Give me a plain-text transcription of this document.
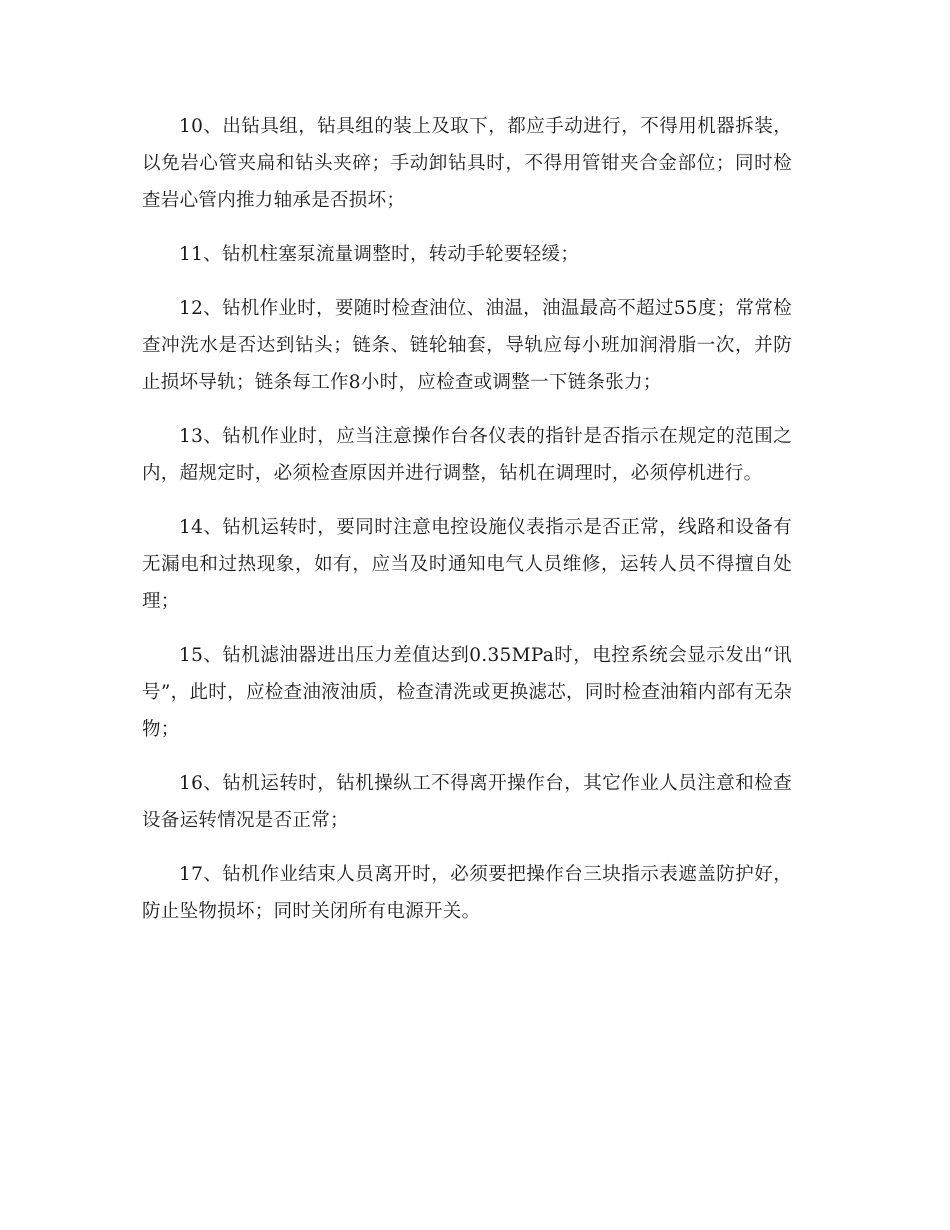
10、出钻具组，钻具组的装上及取下，都应手动进行，不得用机器拆装，以免岩心管夹扁和钻头夹碎；手动卸钻具时，不得用管钳夹合金部位；同时检查岩心管内推力轴承是否损坏；

11、钻机柱塞泵流量调整时，转动手轮要轻缓；

12、钻机作业时，要随时检查油位、油温，油温最高不超过55度；常常检查冲洗水是否达到钻头；链条、链轮轴套，导轨应每小班加润滑脂一次，并防止损坏导轨；链条每工作8小时，应检查或调整一下链条张力；

13、钻机作业时，应当注意操作台各仪表的指针是否指示在规定的范围之内，超规定时，必须检查原因并进行调整，钻机在调理时，必须停机进行。

14、钻机运转时，要同时注意电控设施仪表指示是否正常，线路和设备有无漏电和过热现象，如有，应当及时通知电气人员维修，运转人员不得擅自处理；

15、钻机滤油器进出压力差值达到0.35MPa时，电控系统会显示发出“讯号”，此时，应检查油液油质，检查清洗或更换滤芯，同时检查油箱内部有无杂物；

16、钻机运转时，钻机操纵工不得离开操作台，其它作业人员注意和检查设备运转情况是否正常；

17、钻机作业结束人员离开时，必须要把操作台三块指示表遮盖防护好，防止坠物损坏；同时关闭所有电源开关。
